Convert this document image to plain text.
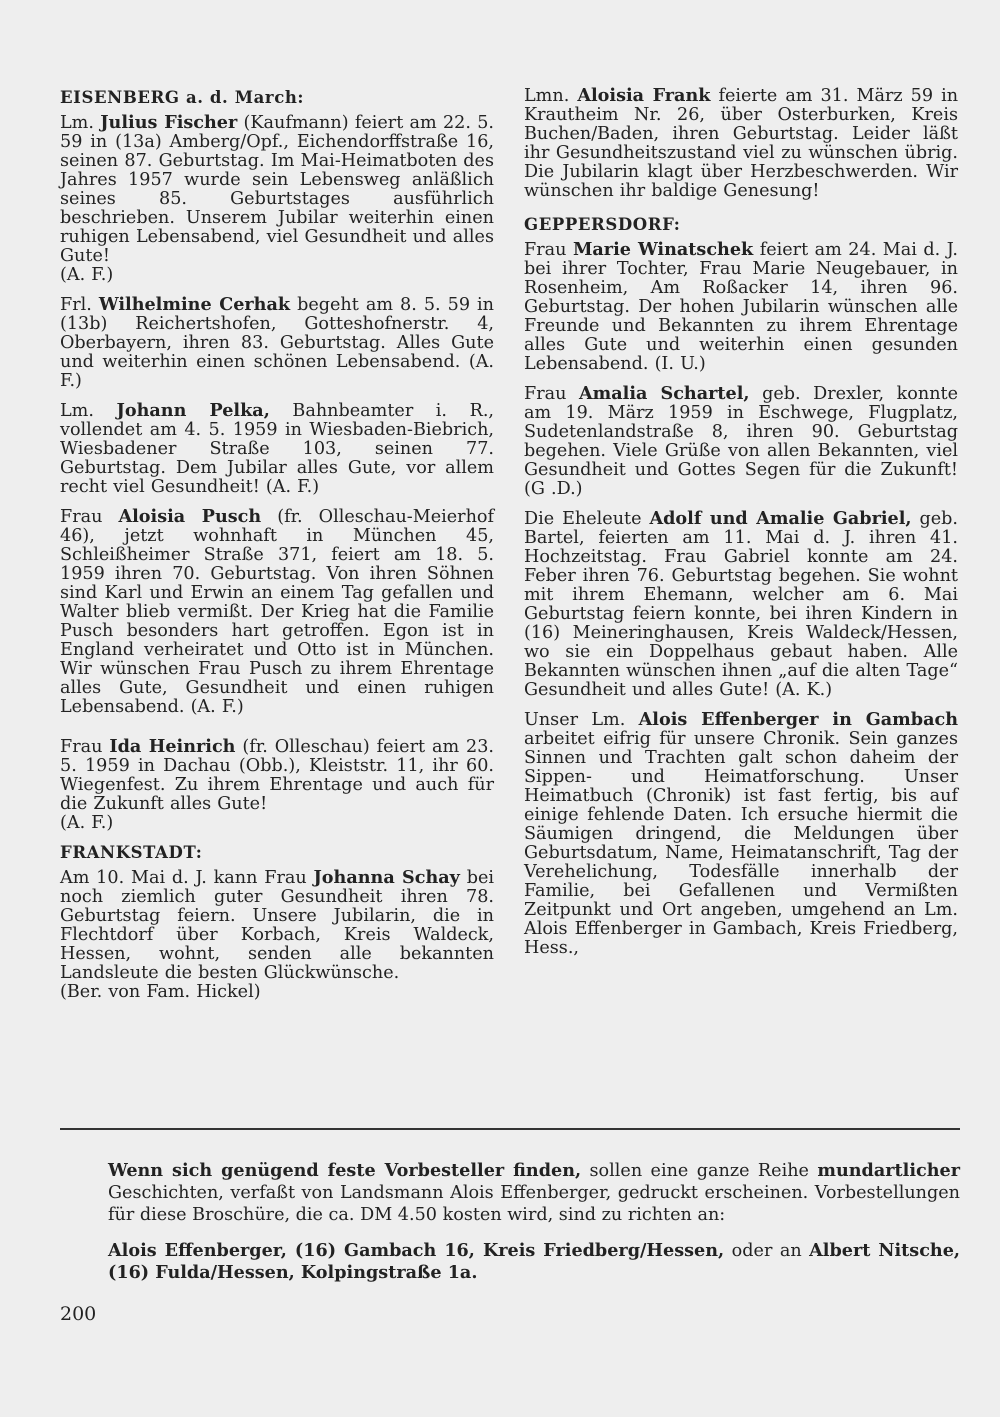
EISENBERG a. d. March:

Lm. Julius Fischer (Kaufmann) feiert am 22. 5. 59 in (13a) Amberg/Opf., Eichendorffstraße 16, seinen 87. Geburtstag. Im Mai-Heimatboten des Jahres 1957 wurde sein Lebensweg anläßlich seines 85. Geburtstages ausführlich beschrieben. Unserem Jubilar weiterhin einen ruhigen Lebensabend, viel Gesundheit und alles Gute!
(A. F.)

Frl. Wilhelmine Cerhak begeht am 8. 5. 59 in (13b) Reichertshofen, Gotteshofnerstr. 4, Oberbayern, ihren 83. Geburtstag. Alles Gute und weiterhin einen schönen Lebensabend. (A. F.)

Lm. Johann Pelka, Bahnbeamter i. R., vollendet am 4. 5. 1959 in Wiesbaden-Biebrich, Wiesbadener Straße 103, seinen 77. Geburtstag. Dem Jubilar alles Gute, vor allem recht viel Gesundheit! (A. F.)

Frau Aloisia Pusch (fr. Olleschau-Meierhof 46), jetzt wohnhaft in München 45, Schleißheimer Straße 371, feiert am 18. 5. 1959 ihren 70. Geburtstag. Von ihren Söhnen sind Karl und Erwin an einem Tag gefallen und Walter blieb vermißt. Der Krieg hat die Familie Pusch besonders hart getroffen. Egon ist in England verheiratet und Otto ist in München. Wir wünschen Frau Pusch zu ihrem Ehrentage alles Gute, Gesundheit und einen ruhigen Lebensabend. (A. F.)

Frau Ida Heinrich (fr. Olleschau) feiert am 23. 5. 1959 in Dachau (Obb.), Kleiststr. 11, ihr 60. Wiegenfest. Zu ihrem Ehrentage und auch für die Zukunft alles Gute!
(A. F.)

FRANKSTADT:

Am 10. Mai d. J. kann Frau Johanna Schay bei noch ziemlich guter Gesundheit ihren 78. Geburtstag feiern. Unsere Jubilarin, die in Flechtdorf über Korbach, Kreis Waldeck, Hessen, wohnt, senden alle bekannten Landsleute die besten Glückwünsche.
(Ber. von Fam. Hickel)

Lmn. Aloisia Frank feierte am 31. März 59 in Krautheim Nr. 26, über Osterburken, Kreis Buchen/Baden, ihren Geburtstag. Leider läßt ihr Gesundheitszustand viel zu wünschen übrig. Die Jubilarin klagt über Herzbeschwerden. Wir wünschen ihr baldige Genesung!

GEPPERSDORF:

Frau Marie Winatschek feiert am 24. Mai d. J. bei ihrer Tochter, Frau Marie Neugebauer, in Rosenheim, Am Roßacker 14, ihren 96. Geburtstag. Der hohen Jubilarin wünschen alle Freunde und Bekannten zu ihrem Ehrentage alles Gute und weiterhin einen gesunden Lebensabend. (I. U.)

Frau Amalia Schartel, geb. Drexler, konnte am 19. März 1959 in Eschwege, Flugplatz, Sudetenlandstraße 8, ihren 90. Geburtstag begehen. Viele Grüße von allen Bekannten, viel Gesundheit und Gottes Segen für die Zukunft! (G .D.)

Die Eheleute Adolf und Amalie Gabriel, geb. Bartel, feierten am 11. Mai d. J. ihren 41. Hochzeitstag. Frau Gabriel konnte am 24. Feber ihren 76. Geburtstag begehen. Sie wohnt mit ihrem Ehemann, welcher am 6. Mai Geburtstag feiern konnte, bei ihren Kindern in (16) Meineringhausen, Kreis Waldeck/Hessen, wo sie ein Doppelhaus gebaut haben. Alle Bekannten wünschen ihnen „auf die alten Tage“ Gesundheit und alles Gute! (A. K.)

Unser Lm. Alois Effenberger in Gambach arbeitet eifrig für unsere Chronik. Sein ganzes Sinnen und Trachten galt schon daheim der Sippen- und Heimatforschung. Unser Heimatbuch (Chronik) ist fast fertig, bis auf einige fehlende Daten. Ich ersuche hiermit die Säumigen dringend, die Meldungen über Geburtsdatum, Name, Heimatanschrift, Tag der Verehelichung, Todesfälle innerhalb der Familie, bei Gefallenen und Vermißten Zeitpunkt und Ort angeben, umgehend an Lm. Alois Effenberger in Gambach, Kreis Friedberg, Hess.,

Wenn sich genügend feste Vorbesteller finden, sollen eine ganze Reihe mundartlicher Geschichten, verfaßt von Landsmann Alois Effenberger, gedruckt erscheinen. Vorbestellungen für diese Broschüre, die ca. DM 4.50 kosten wird, sind zu richten an:

Alois Effenberger, (16) Gambach 16, Kreis Friedberg/Hessen, oder an Albert Nitsche, (16) Fulda/Hessen, Kolpingstraße 1a.

200
